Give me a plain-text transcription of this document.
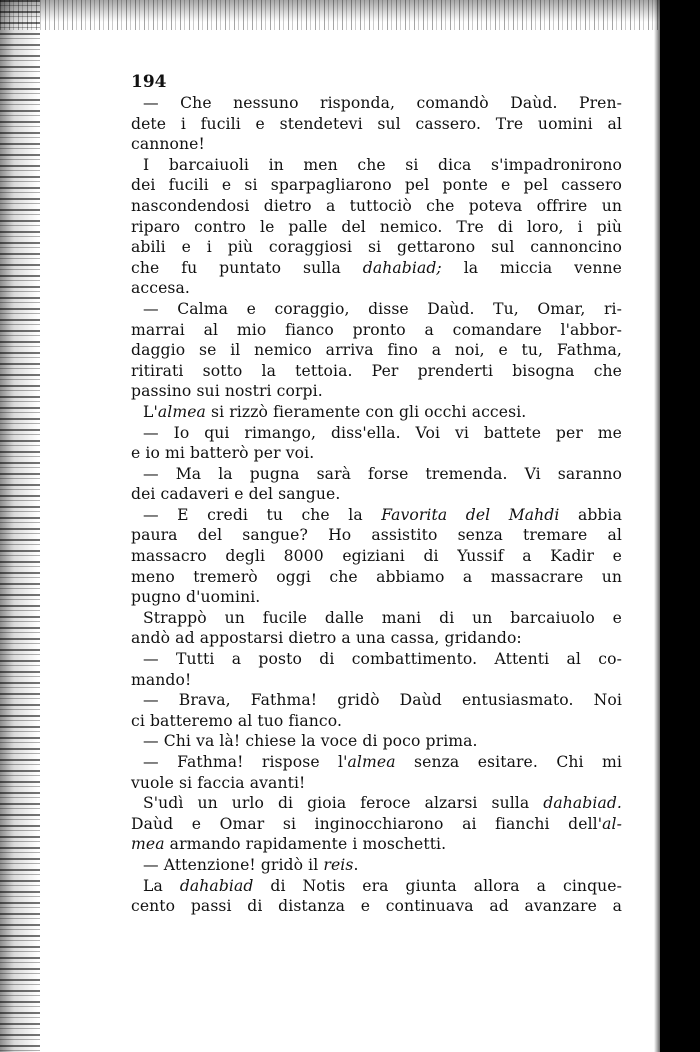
194
— Che nessuno risponda, comandò Daùd. Pren-
dete i fucili e stendetevi sul cassero. Tre uomini al
cannone!
I barcaiuoli in men che si dica s'impadronirono
dei fucili e si sparpagliarono pel ponte e pel cassero
nascondendosi dietro a tuttociò che poteva offrire un
riparo contro le palle del nemico. Tre di loro, i più
abili e i più coraggiosi si gettarono sul cannoncino
che fu puntato sulla dahabiad; la miccia venne
accesa.
— Calma e coraggio, disse Daùd. Tu, Omar, ri-
marrai al mio fianco pronto a comandare l'abbor-
daggio se il nemico arriva fino a noi, e tu, Fathma,
ritirati sotto la tettoia. Per prenderti bisogna che
passino sui nostri corpi.
L'almea si rizzò fieramente con gli occhi accesi.
— Io qui rimango, diss'ella. Voi vi battete per me
e io mi batterò per voi.
— Ma la pugna sarà forse tremenda. Vi saranno
dei cadaveri e del sangue.
— E credi tu che la Favorita del Mahdi abbia
paura del sangue? Ho assistito senza tremare al
massacro degli 8000 egiziani di Yussif a Kadir e
meno tremerò oggi che abbiamo a massacrare un
pugno d'uomini.
Strappò un fucile dalle mani di un barcaiuolo e
andò ad appostarsi dietro a una cassa, gridando:
— Tutti a posto di combattimento. Attenti al co-
mando!
— Brava, Fathma! gridò Daùd entusiasmato. Noi
ci batteremo al tuo fianco.
— Chi va là! chiese la voce di poco prima.
— Fathma! rispose l'almea senza esitare. Chi mi
vuole si faccia avanti!
S'udì un urlo di gioia feroce alzarsi sulla dahabiad.
Daùd e Omar si inginocchiarono ai fianchi dell'al-
mea armando rapidamente i moschetti.
— Attenzione! gridò il reis.
La dahabiad di Notis era giunta allora a cinque-
cento passi di distanza e continuava ad avanzare a
